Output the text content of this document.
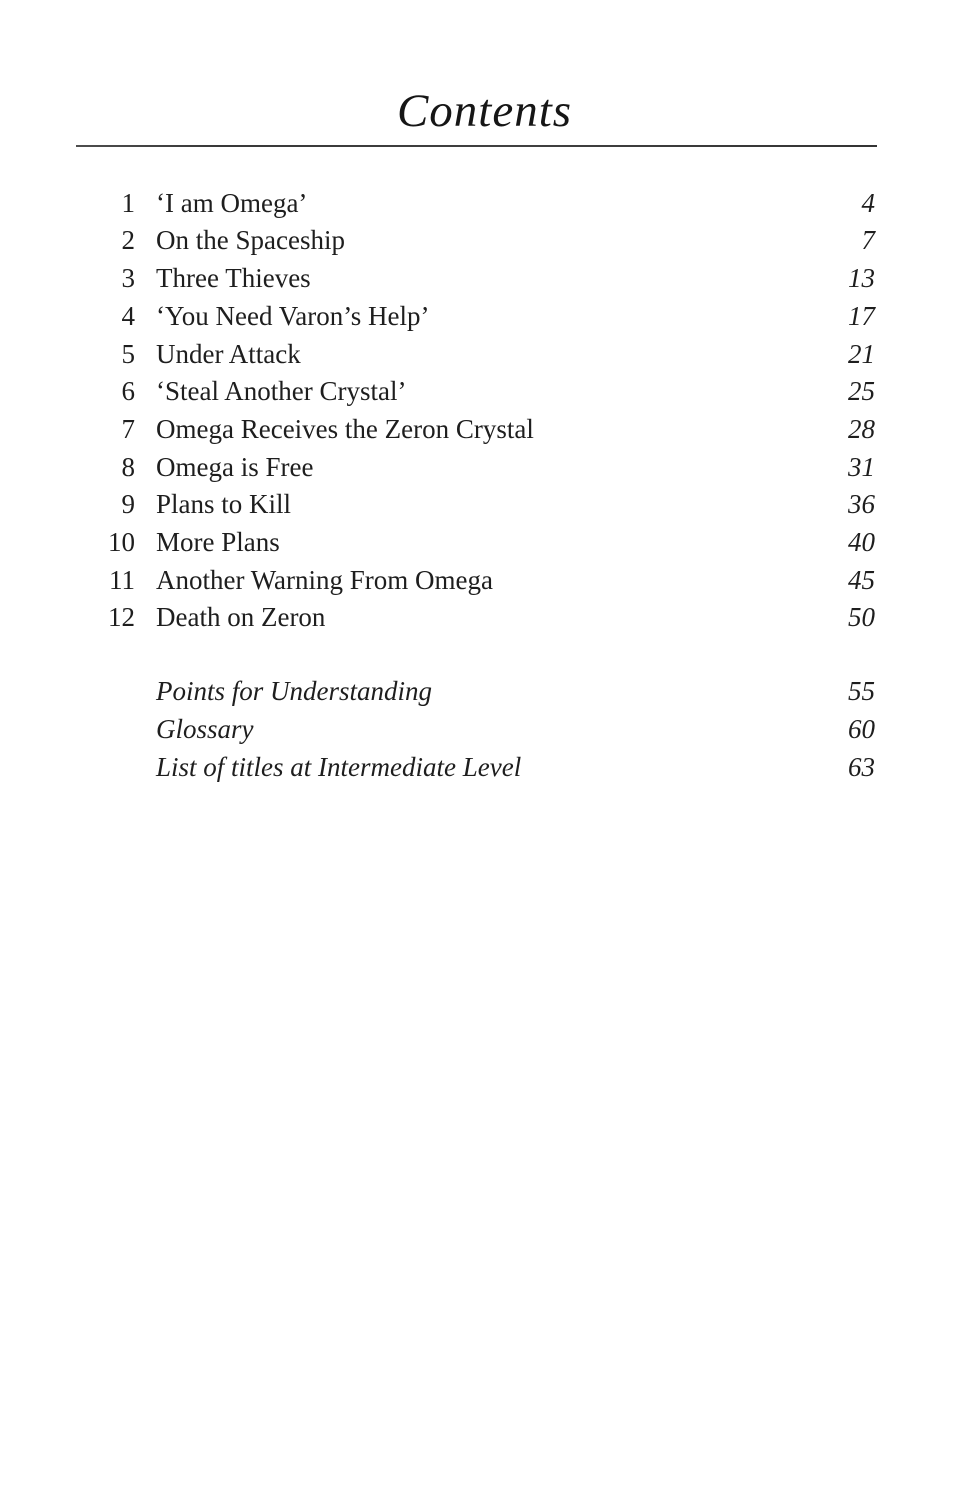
Contents
1 ‘I am Omega’	4
2 On the Spaceship	7
3 Three Thieves	13
4 ‘You Need Varon’s Help’	17
5 Under Attack	21
6 ‘Steal Another Crystal’	25
7 Omega Receives the Zeron Crystal	28
8 Omega is Free	31
9 Plans to Kill	36
10 More Plans	40
11 Another Warning From Omega	45
12 Death on Zeron	50
Points for Understanding	55
Glossary	60
List of titles at Intermediate Level	63
